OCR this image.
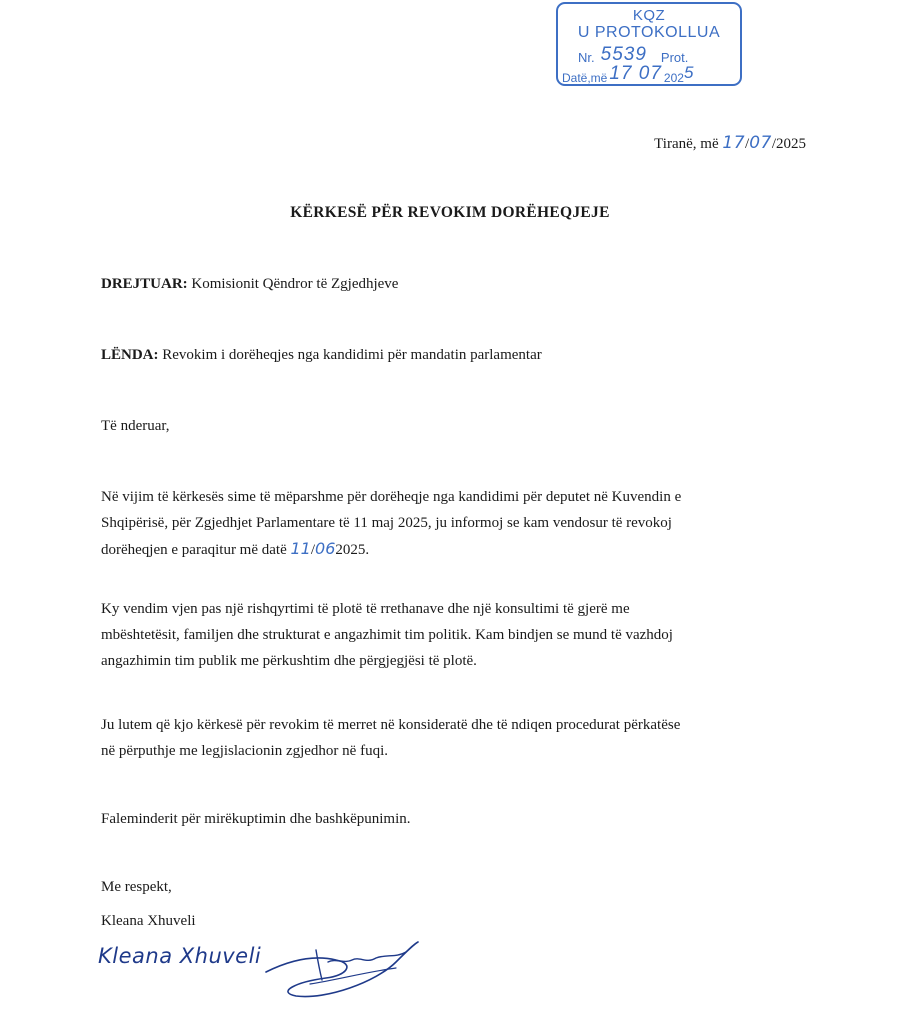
KQZ
U PROTOKOLLUA
Nr. 5539 Prot.
Datë,më 17 07 2025
Tiranë, më 17/07/2025
KËRKESË PËR REVOKIM DORËHEQJEJE
DREJTUAR: Komisionit Qëndror të Zgjedhjeve
LËNDA: Revokim i dorëheqjes nga kandidimi për mandatin parlamentar
Të nderuar,
Në vijim të kërkesës sime të mëparshme për dorëheqje nga kandidimi për deputet në Kuvendin e
Shqipërisë, për Zgjedhjet Parlamentare të 11 maj 2025, ju informoj se kam vendosur të revokoj
dorëheqjen e paraqitur më datë 11/062025.
Ky vendim vjen pas një rishqyrtimi të plotë të rrethanave dhe një konsultimi të gjerë me
mbështetësit, familjen dhe strukturat e angazhimit tim politik. Kam bindjen se mund të vazhdoj
angazhimin tim publik me përkushtim dhe përgjegjësi të plotë.
Ju lutem që kjo kërkesë për revokim të merret në konsideratë dhe të ndiqen procedurat përkatëse
në përputhje me legjislacionin zgjedhor në fuqi.
Faleminderit për mirëkuptimin dhe bashkëpunimin.
Me respekt,
Kleana Xhuveli
Kleana Xhuveli
